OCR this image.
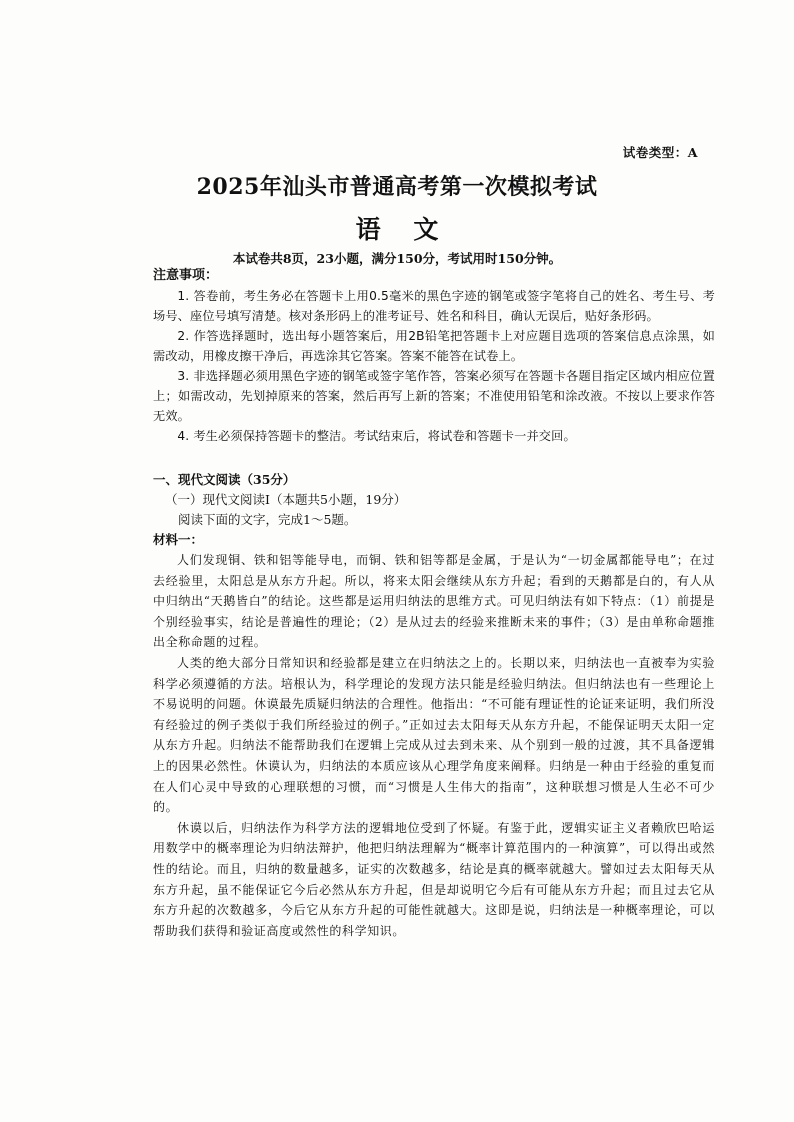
试卷类型：A
2025年汕头市普通高考第一次模拟考试
语 文
本试卷共8页，23小题，满分150分，考试用时150分钟。
注意事项：

1. 答卷前，考生务必在答题卡上用0.5毫米的黑色字迹的钢笔或签字笔将自己的姓名、考生号、考场号、座位号填写清楚。核对条形码上的准考证号、姓名和科目，确认无误后，贴好条形码。

2. 作答选择题时，选出每小题答案后，用2B铅笔把答题卡上对应题目选项的答案信息点涂黑，如需改动，用橡皮擦干净后，再选涂其它答案。答案不能答在试卷上。

3. 非选择题必须用黑色字迹的钢笔或签字笔作答，答案必须写在答题卡各题目指定区域内相应位置上；如需改动，先划掉原来的答案，然后再写上新的答案；不准使用铅笔和涂改液。不按以上要求作答无效。

4. 考生必须保持答题卡的整洁。考试结束后，将试卷和答题卡一并交回。

一、现代文阅读（35分）
（一）现代文阅读Ⅰ（本题共5小题，19分）
阅读下面的文字，完成1～5题。
材料一：

人们发现铜、铁和铝等能导电，而铜、铁和铝等都是金属，于是认为“一切金属都能导电”；在过去经验里，太阳总是从东方升起。所以，将来太阳会继续从东方升起；看到的天鹅都是白的，有人从中归纳出“天鹅皆白”的结论。这些都是运用归纳法的思维方式。可见归纳法有如下特点：（1）前提是个别经验事实，结论是普遍性的理论；（2）是从过去的经验来推断未来的事件；（3）是由单称命题推出全称命题的过程。

人类的绝大部分日常知识和经验都是建立在归纳法之上的。长期以来，归纳法也一直被奉为实验科学必须遵循的方法。培根认为，科学理论的发现方法只能是经验归纳法。但归纳法也有一些理论上不易说明的问题。休谟最先质疑归纳法的合理性。他指出：“不可能有理证性的论证来证明，我们所没有经验过的例子类似于我们所经验过的例子。”正如过去太阳每天从东方升起，不能保证明天太阳一定从东方升起。归纳法不能帮助我们在逻辑上完成从过去到未来、从个别到一般的过渡，其不具备逻辑上的因果必然性。休谟认为，归纳法的本质应该从心理学角度来阐释。归纳是一种由于经验的重复而在人们心灵中导致的心理联想的习惯，而“习惯是人生伟大的指南”，这种联想习惯是人生必不可少的。

休谟以后，归纳法作为科学方法的逻辑地位受到了怀疑。有鉴于此，逻辑实证主义者赖欣巴哈运用数学中的概率理论为归纳法辩护，他把归纳法理解为“概率计算范围内的一种演算”，可以得出或然性的结论。而且，归纳的数量越多，证实的次数越多，结论是真的概率就越大。譬如过去太阳每天从东方升起，虽不能保证它今后必然从东方升起，但是却说明它今后有可能从东方升起；而且过去它从东方升起的次数越多，今后它从东方升起的可能性就越大。这即是说，归纳法是一种概率理论，可以帮助我们获得和验证高度或然性的科学知识。
